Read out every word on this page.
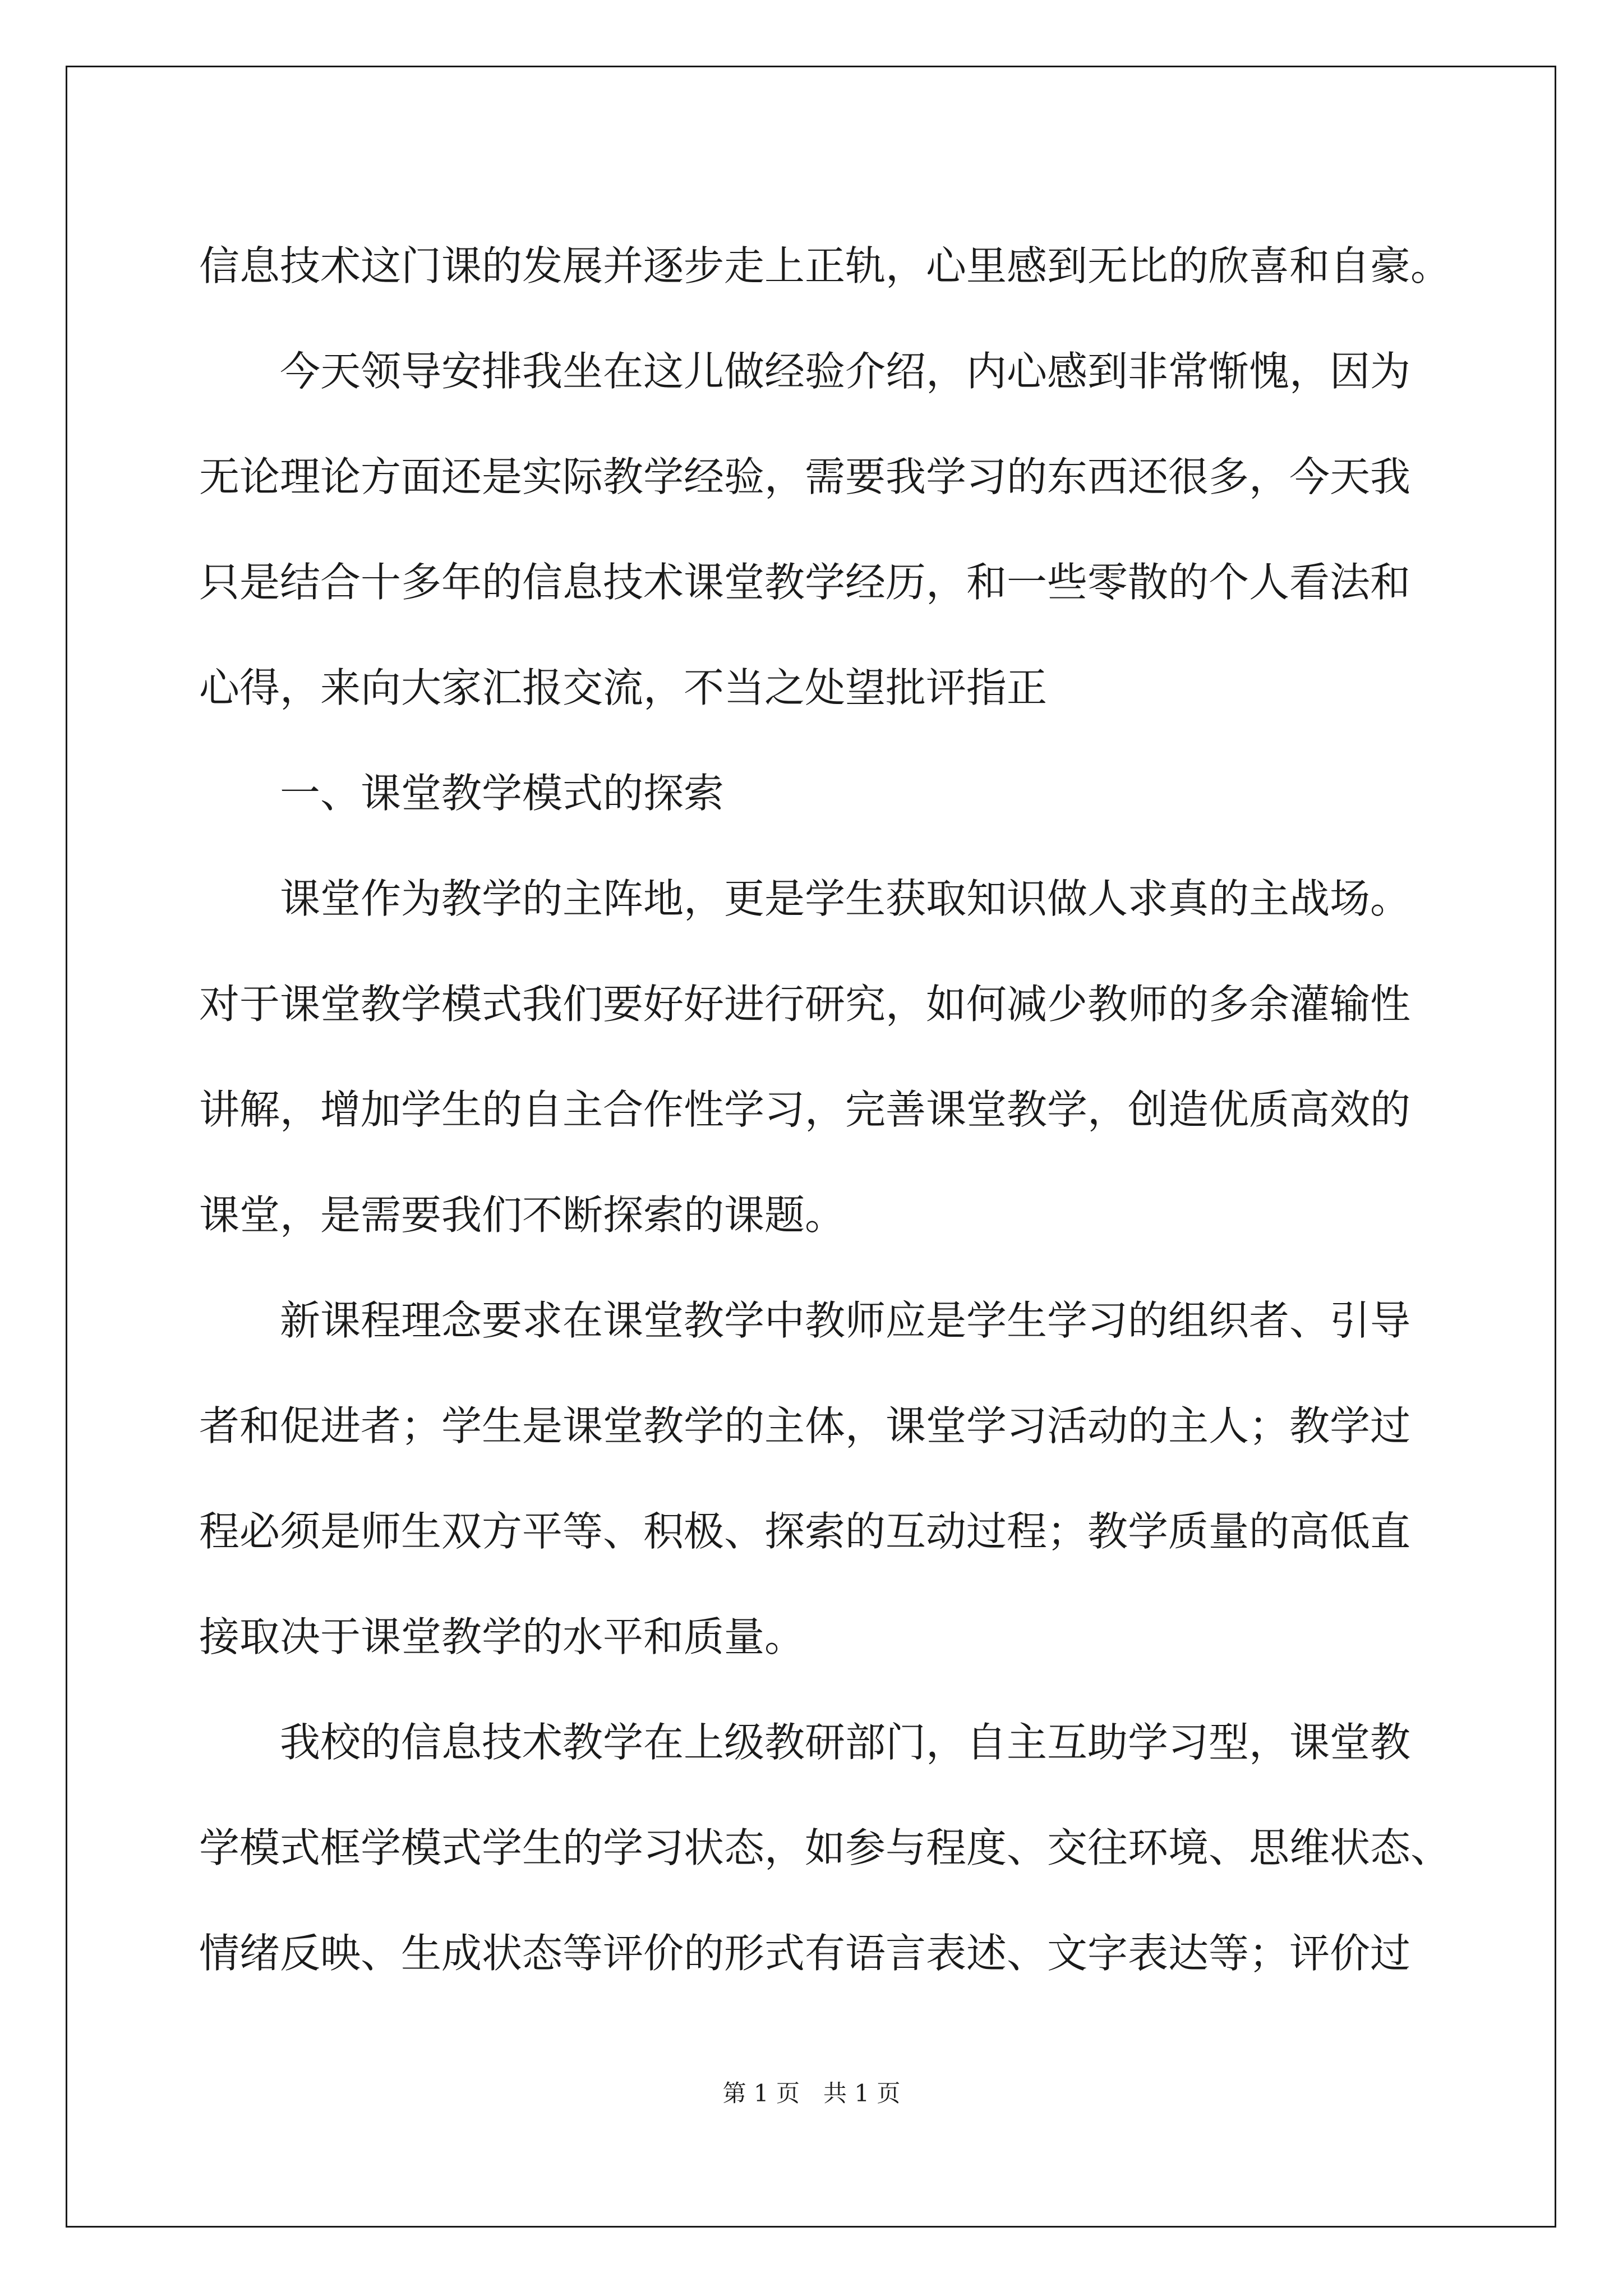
信息技术这门课的发展并逐步走上正轨，心里感到无比的欣喜和自豪。
今天领导安排我坐在这儿做经验介绍，内心感到非常惭愧，因为
无论理论方面还是实际教学经验，需要我学习的东西还很多，今天我
只是结合十多年的信息技术课堂教学经历，和一些零散的个人看法和
心得，来向大家汇报交流，不当之处望批评指正
一、课堂教学模式的探索
课堂作为教学的主阵地，更是学生获取知识做人求真的主战场。
对于课堂教学模式我们要好好进行研究，如何减少教师的多余灌输性
讲解，增加学生的自主合作性学习，完善课堂教学，创造优质高效的
课堂，是需要我们不断探索的课题。
新课程理念要求在课堂教学中教师应是学生学习的组织者、引导
者和促进者；学生是课堂教学的主体，课堂学习活动的主人；教学过
程必须是师生双方平等、积极、探索的互动过程；教学质量的高低直
接取决于课堂教学的水平和质量。
我校的信息技术教学在上级教研部门，自主互助学习型，课堂教
学模式框学模式学生的学习状态，如参与程度、交往环境、思维状态、
情绪反映、生成状态等评价的形式有语言表述、文字表达等；评价过
第 1 页　共 1 页
